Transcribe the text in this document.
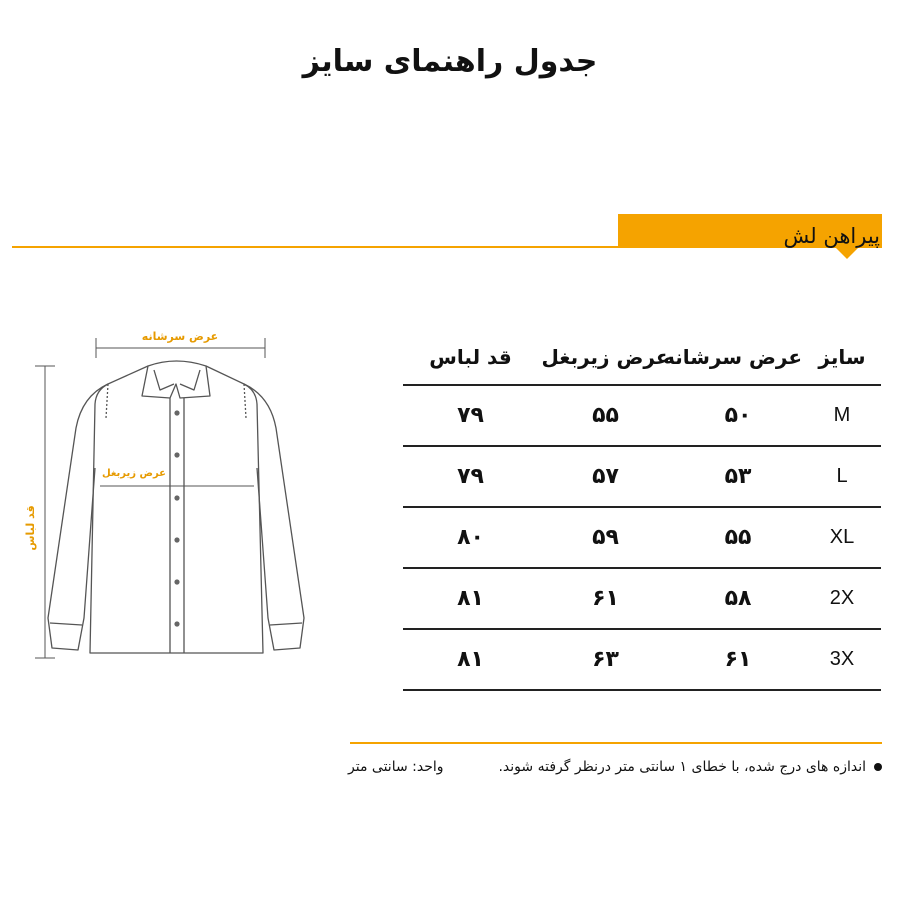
جدول راهنمای سایز
پیراهن لش
عرض سرشانه
عرض زیربغل
قد لباس
سایز	عرض سرشانه	عرض زیربغل	قد لباس
M	۵۰	۵۵	۷۹
L	۵۳	۵۷	۷۹
XL	۵۵	۵۹	۸۰
2X	۵۸	۶۱	۸۱
3X	۶۱	۶۳	۸۱
اندازه های درج شده، با خطای ۱ سانتی متر درنظر گرفته شوند.
واحد: سانتی متر
